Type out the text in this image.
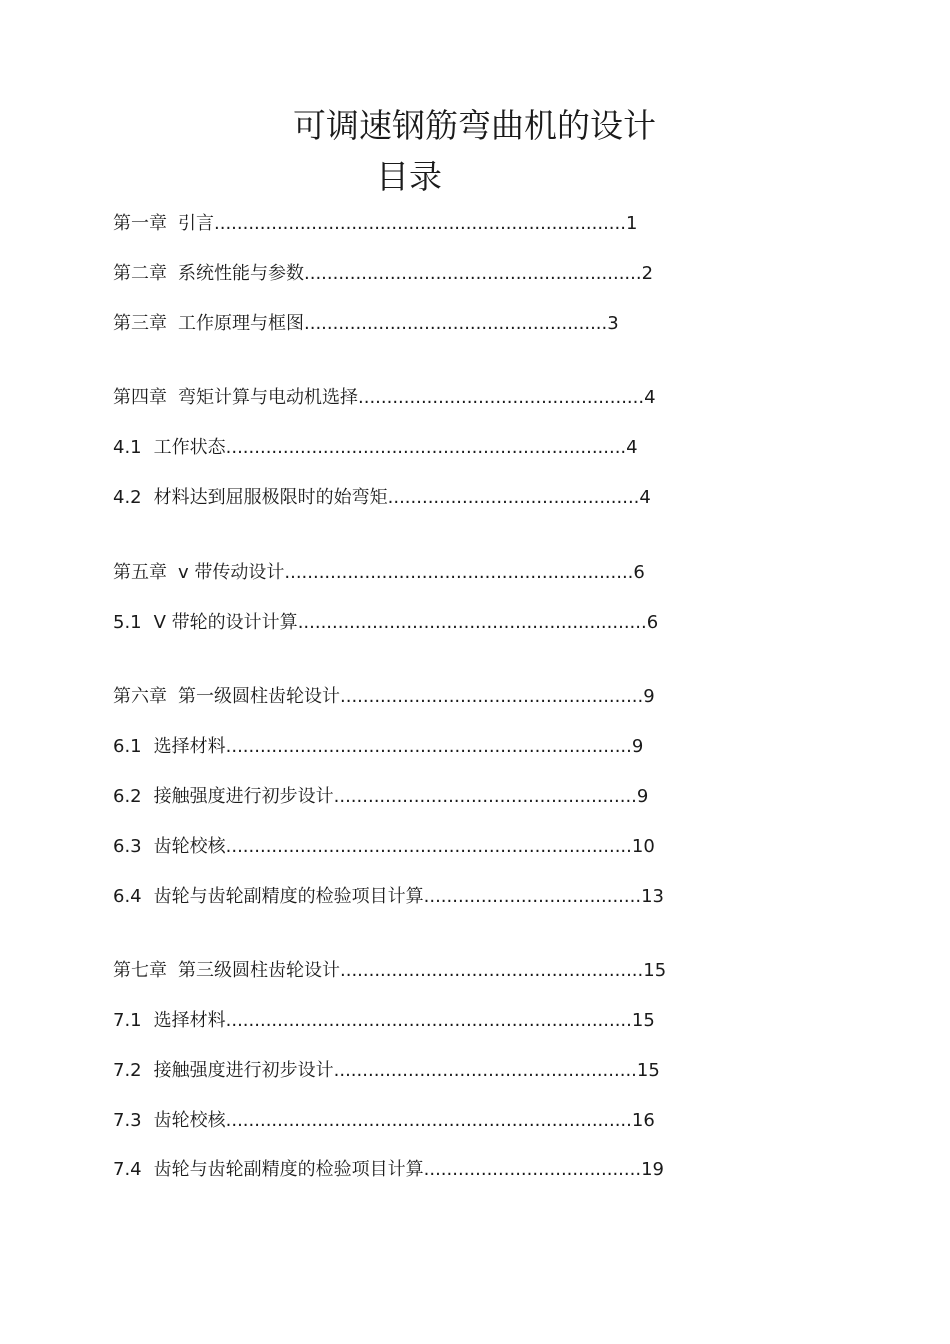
可调速钢筋弯曲机的设计
目录
第一章 引言........................................................................1
第二章 系统性能与参数...........................................................2
第三章 工作原理与框图.....................................................3
第四章 弯矩计算与电动机选择..................................................4
4.1 工作状态......................................................................4
4.2材料达到屈服极限时的始弯矩............................................4
第五章 v 带传动设计.............................................................6
5.1 V 带轮的设计计算.............................................................6
第六章 第一级圆柱齿轮设计.....................................................9
6.1 选择材料.......................................................................9
6.2 接触强度进行初步设计.....................................................9
6.3 齿轮校核.......................................................................10
6.4 齿轮与齿轮副精度的检验项目计算......................................13
第七章 第三级圆柱齿轮设计.....................................................15
7.1 选择材料.......................................................................15
7.2 接触强度进行初步设计.....................................................15
7.3 齿轮校核.......................................................................16
7.4 齿轮与齿轮副精度的检验项目计算......................................19
